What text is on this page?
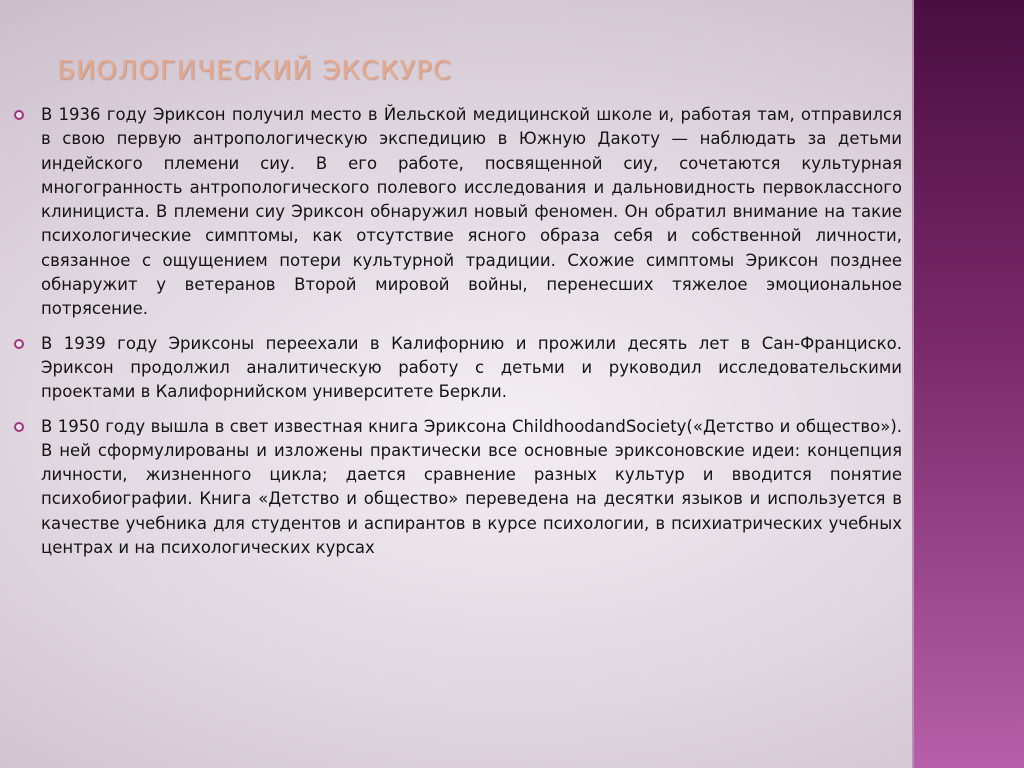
БИОЛОГИЧЕСКИЙ ЭКСКУРС
В 1936 году Эриксон получил место в Йельской медицинской школе и, работая там, отправился в свою первую антропологическую экспедицию в Южную Дакоту — наблюдать за детьми индейского племени сиу. В его работе, посвященной сиу, сочетаются культурная многогранность антропологического полевого исследования и дальновидность первоклассного клинициста. В племени сиу Эриксон обнаружил новый феномен. Он обратил внимание на такие психологические симптомы, как отсутствие ясного образа себя и собственной личности, связанное с ощущением потери культурной традиции. Схожие симптомы Эриксон позднее обнаружит у ветеранов Второй мировой войны, перенесших тяжелое эмоциональное потрясение.
В 1939 году Эриксоны переехали в Калифорнию и прожили десять лет в Сан-Франциско. Эриксон продолжил аналитическую работу с детьми и руководил исследовательскими проектами в Калифорнийском университете Беркли.
В 1950 году вышла в свет известная книга Эриксона ChildhoodandSociety(«Детство и общество»). В ней сформулированы и изложены практически все основные эриксоновские идеи: концепция личности, жизненного цикла; дается сравнение разных культур и вводится понятие психобиографии. Книга «Детство и общество» переведена на десятки языков и используется в качестве учебника для студентов и аспирантов в курсе психологии, в психиатрических учебных центрах и на психологических курсах
